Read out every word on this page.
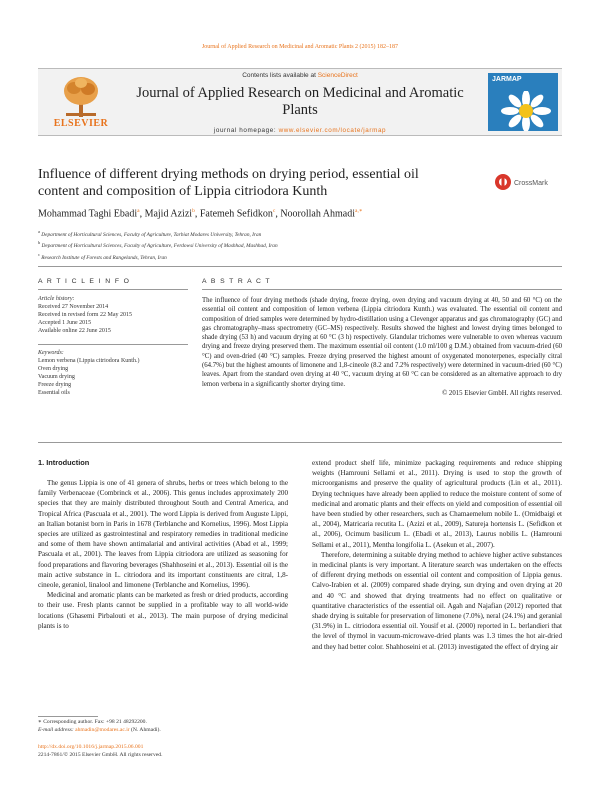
Journal of Applied Research on Medicinal and Aromatic Plants 2 (2015) 182–187
ELSEVIER
Contents lists available at ScienceDirect
Journal of Applied Research on Medicinal and Aromatic Plants
journal homepage: www.elsevier.com/locate/jarmap
JARMAP
Influence of different drying methods on drying period, essential oil content and composition of Lippia citriodora Kunth
CrossMark
Mohammad Taghi Ebadi$^a$, Majid Azizi$^b$, Fatemeh Sefidkon$^c$, Noorollah Ahmadi$^{a,∗}$
$^a$ Department of Horticultural Sciences, Faculty of Agriculture, Tarbiat Modares University, Tehran, Iran
$^b$ Department of Horticultural Sciences, Faculty of Agriculture, Ferdowsi University of Mashhad, Mashhad, Iran
$^c$ Research Institute of Forests and Rangelands, Tehran, Iran
A R T I C L E I N F O	A B S T R A C T
Article history:
Received 27 November 2014
Received in revised form 22 May 2015
Accepted 1 June 2015
Available online 22 June 2015
Keywords:
Lemon verbena (Lippia citriodora Kunth.)
Oven drying
Vacuum drying
Freeze drying
Essential oils
The influence of four drying methods (shade drying, freeze drying, oven drying and vacuum drying at 40, 50 and 60 °C) on the essential oil content and composition of lemon verbena (Lippia citriodora Kunth.) was evaluated. The essential oil content and composition of dried samples were determined by hydro-distillation using a Clevenger apparatus and gas chromatography (GC) and gas chromatography–mass spectrometry (GC–MS) respectively. Results showed the highest and lowest drying times belonged to shade drying (53 h) and vacuum drying at 60 °C (3 h) respectively. Glandular trichomes were vulnerable to oven whereas vacuum drying and freeze drying preserved them. The maximum essential oil content (1.0 ml/100 g D.M.) obtained from vacuum-dried (60 °C) and oven-dried (40 °C) samples. Freeze drying preserved the highest amount of oxygenated monoterpenes, especially citral (64.7%) but the highest amounts of limonene and 1,8-cineole (8.2 and 7.2% respectively) were determined in vacuum-dried (60 °C) leaves. Apart from the standard oven drying at 40 °C, vacuum drying at 60 °C can be considered as an alternative approach to dry lemon verbena in a significantly shorter drying time.
© 2015 Elsevier GmbH. All rights reserved.
1. Introduction

The genus Lippia is one of 41 genera of shrubs, herbs or trees which belong to the family Verbenaceae (Combrinck et al., 2006). This genus includes approximately 200 species that they are mainly distributed throughout South and Central America, and Tropical Africa (Pascuala et al., 2001). The word Lippia is derived from Auguste Lippi, an Italian botanist born in Paris in 1678 (Terblanche and Kornelius, 1996). Most Lippia species are utilized as gastrointestinal and respiratory remedies in traditional medicine and some of them have shown antimalarial and antiviral activities (Abad et al., 1999; Pascuala et al., 2001). The leaves from Lippia citriodora are utilized as seasoning for food preparations and flavoring beverages (Shahhoseini et al., 2013). Essential oil is the main active substance in L. citriodora and its important constituents are citral, 1,8-cineole, geraniol, linalool and limonene (Terblanche and Kornelius, 1996).

Medicinal and aromatic plants can be marketed as fresh or dried products, according to their use. Fresh plants cannot be supplied in a profitable way to all world-wide locations (Ghasemi Pirbalouti et al., 2013). The main purpose of drying medicinal plants is to

extend product shelf life, minimize packaging requirements and reduce shipping weights (Hamrouni Sellami et al., 2011). Drying is used to stop the growth of microorganisms and preserve the quality of agricultural products (Lin et al., 2011). Drying techniques have already been applied to reduce the moisture content of some of medicinal and aromatic plants and their effects on yield and composition of essential oil have been studied by other researchers, such as Chamaemelum nobile L. (Omidbaigi et al., 2004), Matricaria recutita L. (Azizi et al., 2009), Satureja hortensis L. (Sefidkon et al., 2006), Ocimum basilicum L. (Ebadi et al., 2013), Laurus nobilis L. (Hamrouni Sellami et al., 2011), Mentha longifolia L. (Asekun et al., 2007).

Therefore, determining a suitable drying method to achieve higher active substances in medicinal plants is very important. A literature search was undertaken on the effects of different drying methods on essential oil content and composition of Lippia genus. Calvo-Irabien et al. (2009) compared shade drying, sun drying and oven drying at 20 and 40 °C and showed that drying treatments had no effect on qualitative or quantitative characteristics of the essential oil. Agah and Najafian (2012) reported that shade drying is suitable for preservation of limonene (7.0%), neral (24.1%) and geranial (31.9%) in L. citriodora essential oil. Yousif et al. (2000) reported in L. berlandieri that the level of thymol in vacuum-microwave-dried plants was 1.3 times the hot air-dried and they had better color. Shahhoseini et al. (2013) investigated the effect of drying air

∗ Corresponding author. Fax: +98 21 48292200.
E-mail address: ahmadin@modares.ac.ir (N. Ahmadi).
http://dx.doi.org/10.1016/j.jarmap.2015.06.001
2214-7861/© 2015 Elsevier GmbH. All rights reserved.
